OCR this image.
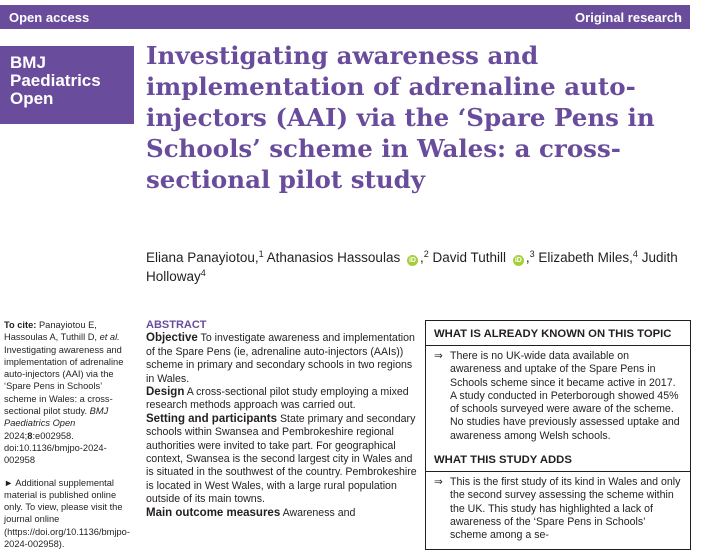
Open access	Original research
BMJ
Paediatrics
Open
Investigating awareness and implementation of adrenaline auto-injectors (AAI) via the ‘Spare Pens in Schools’ scheme in Wales: a cross-sectional pilot study
Eliana Panayiotou,$^1$ Athanasios Hassoulas iD ,$^2$ David Tuthill iD ,$^3$ Elizabeth Miles,$^4$ Judith Holloway$^4$
To cite: Panayiotou E, Hassoulas A, Tuthill D, et al. Investigating awareness and implementation of adrenaline auto-injectors (AAI) via the ‘Spare Pens in Schools’ scheme in Wales: a cross-sectional pilot study. BMJ Paediatrics Open 2024;8:e002958. doi:10.1136/bmjpo-2024-002958
► Additional supplemental material is published online only. To view, please visit the journal online (https://doi.org/10.1136/bmjpo-2024-002958).
ABSTRACT
Objective To investigate awareness and implementation of the Spare Pens (ie, adrenaline auto-injectors (AAIs)) scheme in primary and secondary schools in two regions in Wales.
Design A cross-sectional pilot study employing a mixed research methods approach was carried out.
Setting and participants State primary and secondary schools within Swansea and Pembrokeshire regional authorities were invited to take part. For geographical context, Swansea is the second largest city in Wales and is situated in the southwest of the country. Pembrokeshire is located in West Wales, with a large rural population outside of its main towns.
Main outcome measures Awareness and
WHAT IS ALREADY KNOWN ON THIS TOPIC
⇒ There is no UK-wide data available on awareness and uptake of the Spare Pens in Schools scheme since it became active in 2017. A study conducted in Peterborough showed 45% of schools surveyed were aware of the scheme. No studies have previously assessed uptake and awareness among Welsh schools.
WHAT THIS STUDY ADDS
⇒ This is the first study of its kind in Wales and only the second survey assessing the scheme within the UK. This study has highlighted a lack of awareness of the ‘Spare Pens in Schools’ scheme among a se-
